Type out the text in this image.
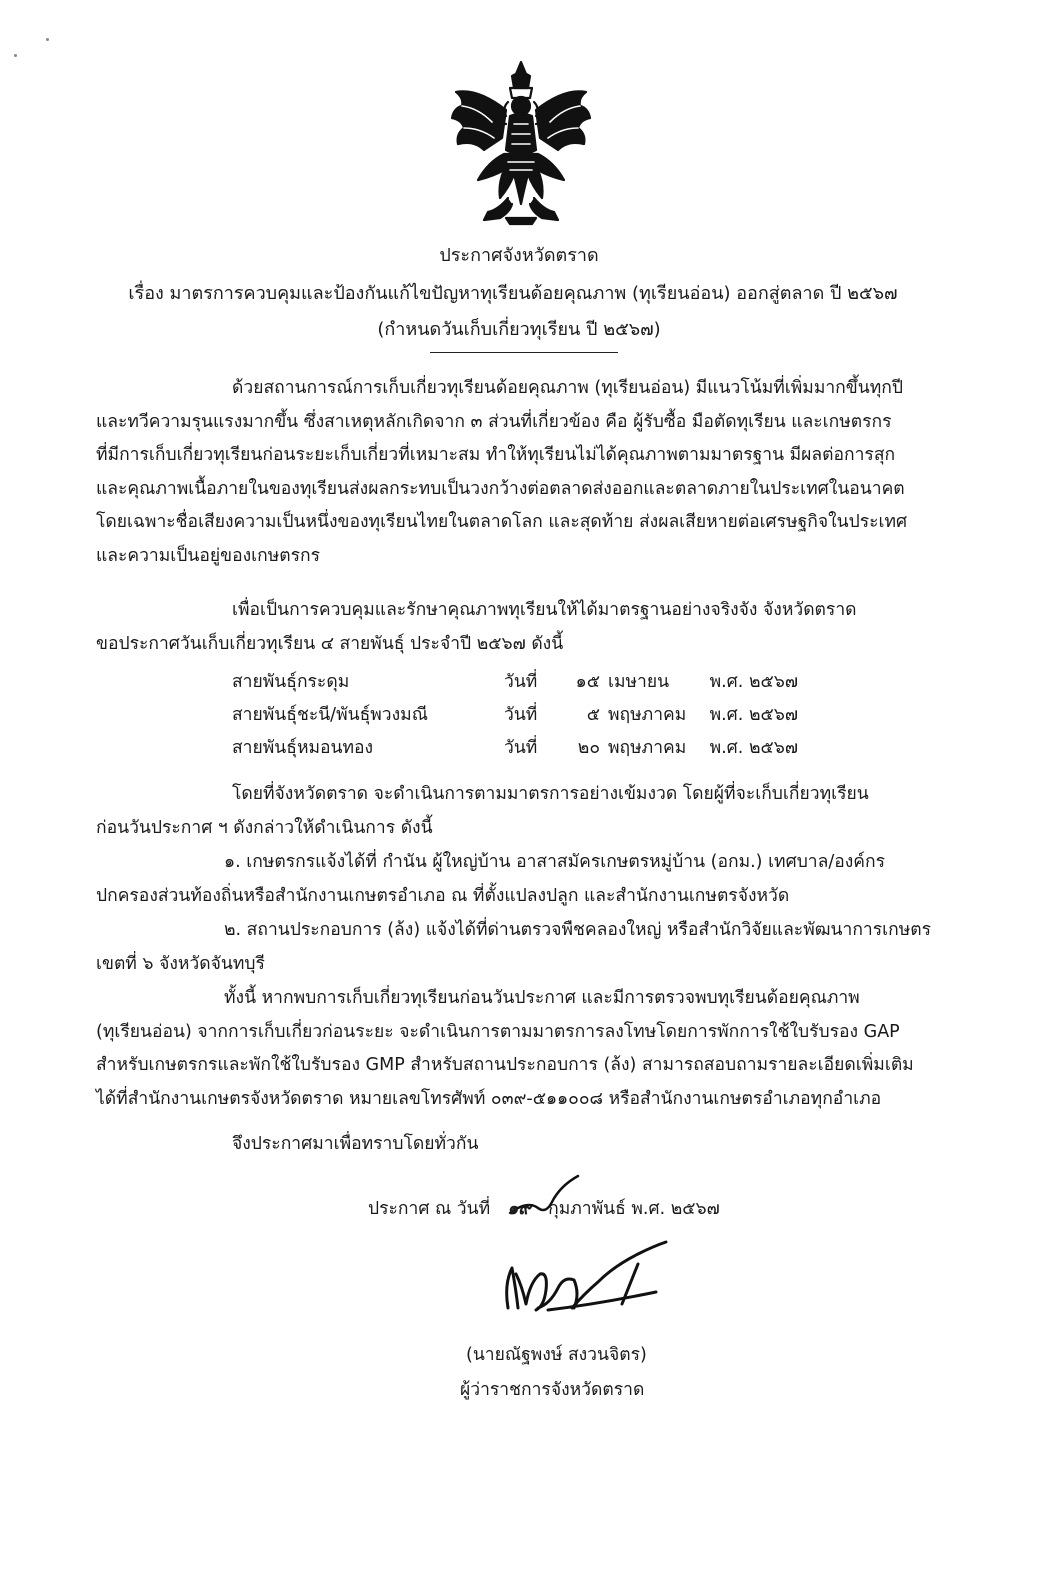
ประกาศจังหวัดตราด
เรื่อง มาตรการควบคุมและป้องกันแก้ไขปัญหาทุเรียนด้อยคุณภาพ (ทุเรียนอ่อน) ออกสู่ตลาด ปี ๒๕๖๗
(กำหนดวันเก็บเกี่ยวทุเรียน ปี ๒๕๖๗)
ด้วยสถานการณ์การเก็บเกี่ยวทุเรียนด้อยคุณภาพ (ทุเรียนอ่อน) มีแนวโน้มที่เพิ่มมากขึ้นทุกปี
และทวีความรุนแรงมากขึ้น ซึ่งสาเหตุหลักเกิดจาก ๓ ส่วนที่เกี่ยวข้อง คือ ผู้รับซื้อ มือตัดทุเรียน และเกษตรกร
ที่มีการเก็บเกี่ยวทุเรียนก่อนระยะเก็บเกี่ยวที่เหมาะสม ทำให้ทุเรียนไม่ได้คุณภาพตามมาตรฐาน มีผลต่อการสุก
และคุณภาพเนื้อภายในของทุเรียนส่งผลกระทบเป็นวงกว้างต่อตลาดส่งออกและตลาดภายในประเทศในอนาคต
โดยเฉพาะชื่อเสียงความเป็นหนึ่งของทุเรียนไทยในตลาดโลก และสุดท้าย ส่งผลเสียหายต่อเศรษฐกิจในประเทศ
และความเป็นอยู่ของเกษตรกร
เพื่อเป็นการควบคุมและรักษาคุณภาพทุเรียนให้ได้มาตรฐานอย่างจริงจัง จังหวัดตราด
ขอประกาศวันเก็บเกี่ยวทุเรียน ๔ สายพันธุ์ ประจำปี ๒๕๖๗ ดังนี้
สายพันธุ์กระดุม	วันที่ ๑๕ เมษายน พ.ศ. ๒๕๖๗
สายพันธุ์ชะนี/พันธุ์พวงมณี	วันที่	๕ พฤษภาคม พ.ศ. ๒๕๖๗
สายพันธุ์หมอนทอง	วันที่ ๒๐ พฤษภาคม พ.ศ. ๒๕๖๗
โดยที่จังหวัดตราด จะดำเนินการตามมาตรการอย่างเข้มงวด โดยผู้ที่จะเก็บเกี่ยวทุเรียน
ก่อนวันประกาศ ฯ ดังกล่าวให้ดำเนินการ ดังนี้
๑. เกษตรกรแจ้งได้ที่ กำนัน ผู้ใหญ่บ้าน อาสาสมัครเกษตรหมู่บ้าน (อกม.) เทศบาล/องค์กร
ปกครองส่วนท้องถิ่นหรือสำนักงานเกษตรอำเภอ ณ ที่ตั้งแปลงปลูก และสำนักงานเกษตรจังหวัด
๒. สถานประกอบการ (ล้ง) แจ้งได้ที่ด่านตรวจพืชคลองใหญ่ หรือสำนักวิจัยและพัฒนาการเกษตร
เขตที่ ๖ จังหวัดจันทบุรี
ทั้งนี้ หากพบการเก็บเกี่ยวทุเรียนก่อนวันประกาศ และมีการตรวจพบทุเรียนด้อยคุณภาพ
(ทุเรียนอ่อน) จากการเก็บเกี่ยวก่อนระยะ จะดำเนินการตามมาตรการลงโทษโดยการพักการใช้ใบรับรอง GAP
สำหรับเกษตรกรและพักใช้ใบรับรอง GMP สำหรับสถานประกอบการ (ล้ง) สามารถสอบถามรายละเอียดเพิ่มเติม
ได้ที่สำนักงานเกษตรจังหวัดตราด หมายเลขโทรศัพท์ ๐๓๙-๕๑๑๐๐๘ หรือสำนักงานเกษตรอำเภอทุกอำเภอ
จึงประกาศมาเพื่อทราบโดยทั่วกัน
ประกาศ ณ วันที่ ๑๙ กุมภาพันธ์ พ.ศ. ๒๕๖๗
(นายณัฐพงษ์ สงวนจิตร)
ผู้ว่าราชการจังหวัดตราด
